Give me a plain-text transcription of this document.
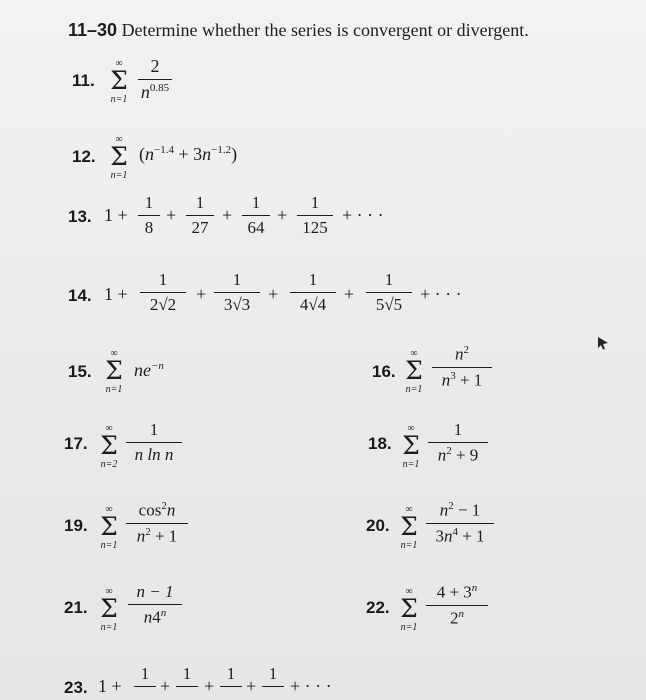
11–30 Determine whether the series is convergent or divergent.
11.
∞
Σ
n=1
2
$n^{0.85}$
12.
∞
Σ
n=1
$(n^{-1.4} + 3n^{-1.2})$
13. 1 +
1
8
+
1
27
+
1
64
+
1
125
+ · · ·
14. 1 +
1
2√2
+
1
3√3
+
1
4√4
+
1
5√5
+ · · ·
15.
∞
Σ
n=1
$ne^{-n}$	16.
∞
Σ
n=1
$n^2$
$n^3 + 1$
17.
∞
Σ
n=2
1
n ln n
18.
∞
Σ
n=1
1
$n^2 + 9$
19.
∞
Σ
n=1
$\cos^2n$
$n^2 + 1$
20.
∞
Σ
n=1
$n^2 - 1$
$3n^4 + 1$
21.
∞
Σ
n=1
n − 1
n4$^n$	22.
∞
Σ
n=1
$4 + 3^n$
2$^n$
23. 1 +
1
+
1
+
1
+
1
+ · · ·
